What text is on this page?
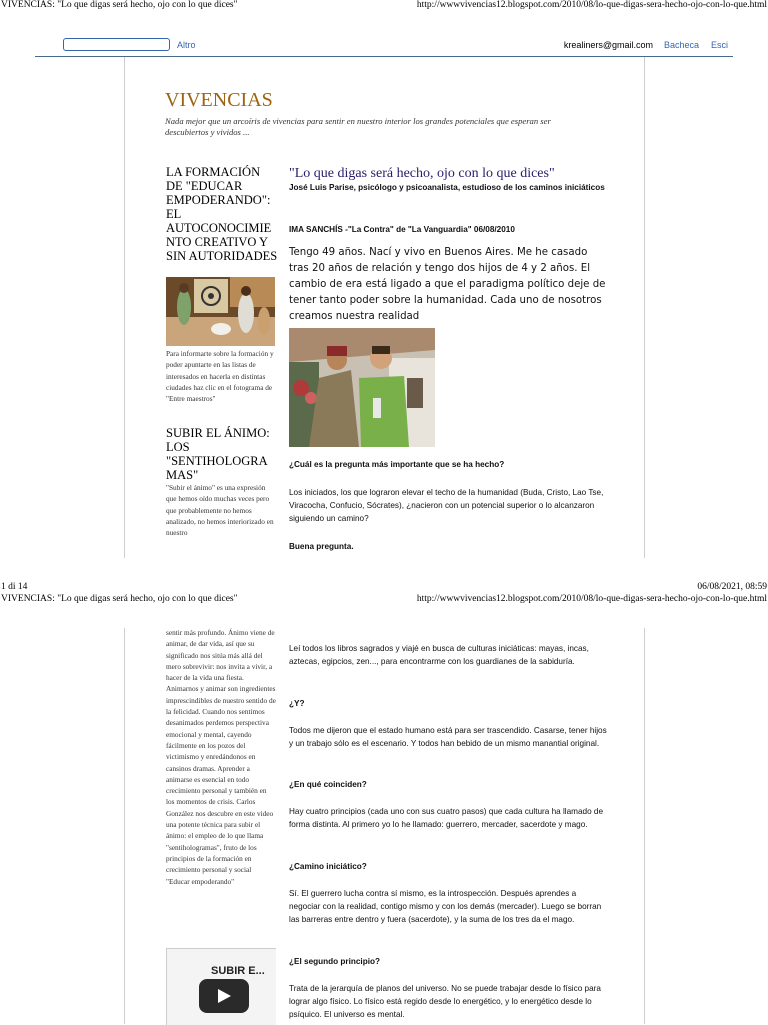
VIVENCIAS: "Lo que digas será hecho, ojo con lo que dices"	http://wwwvivencias12.blogspot.com/2010/08/lo-que-digas-sera-hecho-ojo-con-lo-que.html
Altro	krealiners@gmail.com Bacheca Esci
VIVENCIAS
Nada mejor que un arcoíris de vivencias para sentir en nuestro interior los grandes potenciales que esperan ser descubiertos y vividos ...
LA FORMACIÓN DE "EDUCAR EMPODERANDO": EL AUTOCONOCIMIE NTO CREATIVO Y SIN AUTORIDADES
Para informarte sobre la formación y poder apuntarte en las listas de interesados en hacerla en distintas ciudades haz clic en el fotograma de "Entre maestros"
SUBIR EL ÁNIMO: LOS "SENTIHOLOGRA MAS"
"Subir el ánimo" es una expresión que hemos oído muchas veces pero que probablemente no hemos analizado, no hemos interiorizado en nuestro
"Lo que digas será hecho, ojo con lo que dices"
José Luis Parise, psicólogo y psicoanalista, estudioso de los caminos iniciáticos
IMA SANCHÍS -"La Contra" de "La Vanguardia" 06/08/2010
Tengo 49 años. Nací y vivo en Buenos Aires. Me he casado tras 20 años de relación y tengo dos hijos de 4 y 2 años. El cambio de era está ligado a que el paradigma político deje de tener tanto poder sobre la humanidad. Cada uno de nosotros creamos nuestra realidad
¿Cuál es la pregunta más importante que se ha hecho?
Los iniciados, los que lograron elevar el techo de la humanidad (Buda, Cristo, Lao Tse, Viracocha, Confucio, Sócrates), ¿nacieron con un potencial superior o lo alcanzaron siguiendo un camino?
Buena pregunta.
1 di 14	06/08/2021, 08:59
VIVENCIAS: "Lo que digas será hecho, ojo con lo que dices"	http://wwwvivencias12.blogspot.com/2010/08/lo-que-digas-sera-hecho-ojo-con-lo-que.html
sentir más profundo. Ánimo viene de animar, de dar vida, así que su significado nos sitúa más allá del mero sobrevivir: nos invita a vivir, a hacer de la vida una fiesta. Animarnos y animar son ingredientes imprescindibles de nuestro sentido de la felicidad. Cuando nos sentimos desanimados perdemos perspectiva emocional y mental, cayendo fácilmente en los pozos del victimismo y enredándonos en cansinos dramas. Aprender a animarse es esencial en todo crecimiento personal y también en los momentos de crisis. Carlos González nos descubre en este video una potente técnica para subir el ánimo: el empleo de lo que llama "sentihologramas", fruto de los principios de la formación en crecimiento personal y social "Educar empoderando"
SUBIR E...
Leí todos los libros sagrados y viajé en busca de culturas iniciáticas: mayas, incas, aztecas, egipcios, zen..., para encontrarme con los guardianes de la sabiduría.
¿Y?
Todos me dijeron que el estado humano está para ser trascendido. Casarse, tener hijos y un trabajo sólo es el escenario. Y todos han bebido de un mismo manantial original.
¿En qué coinciden?
Hay cuatro principios (cada uno con sus cuatro pasos) que cada cultura ha llamado de forma distinta. Al primero yo lo he llamado: guerrero, mercader, sacerdote y mago.
¿Camino iniciático?
Sí. El guerrero lucha contra sí mismo, es la introspección. Después aprendes a negociar con la realidad, contigo mismo y con los demás (mercader). Luego se borran las barreras entre dentro y fuera (sacerdote), y la suma de los tres da el mago.
¿El segundo principio?
Trata de la jerarquía de planos del universo. No se puede trabajar desde lo físico para lograr algo físico. Lo físico está regido desde lo energético, y lo energético desde lo psíquico. El universo es mental.
